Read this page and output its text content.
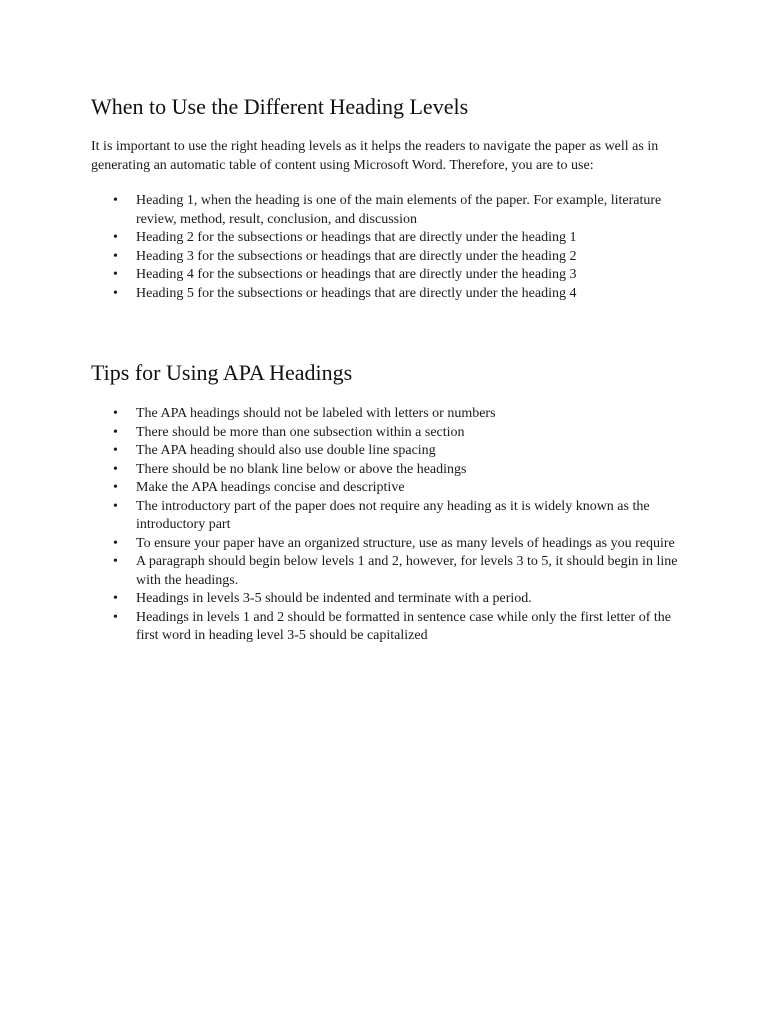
When to Use the Different Heading Levels

It is important to use the right heading levels as it helps the readers to navigate the paper as well as in generating an automatic table of content using Microsoft Word. Therefore, you are to use:

•
Heading 1, when the heading is one of the main elements of the paper. For example, literature review, method, result, conclusion, and discussion
•
Heading 2 for the subsections or headings that are directly under the heading 1
•
Heading 3 for the subsections or headings that are directly under the heading 2
•
Heading 4 for the subsections or headings that are directly under the heading 3
•
Heading 5 for the subsections or headings that are directly under the heading 4
Tips for Using APA Headings
•
The APA headings should not be labeled with letters or numbers
•
There should be more than one subsection within a section
•
The APA heading should also use double line spacing
•
There should be no blank line below or above the headings
•
Make the APA headings concise and descriptive
•
The introductory part of the paper does not require any heading as it is widely known as the introductory part
•
To ensure your paper have an organized structure, use as many levels of headings as you require
•
A paragraph should begin below levels 1 and 2, however, for levels 3 to 5, it should begin in line with the headings.
•
Headings in levels 3-5 should be indented and terminate with a period.
•
Headings in levels 1 and 2 should be formatted in sentence case while only the first letter of the first word in heading level 3-5 should be capitalized
